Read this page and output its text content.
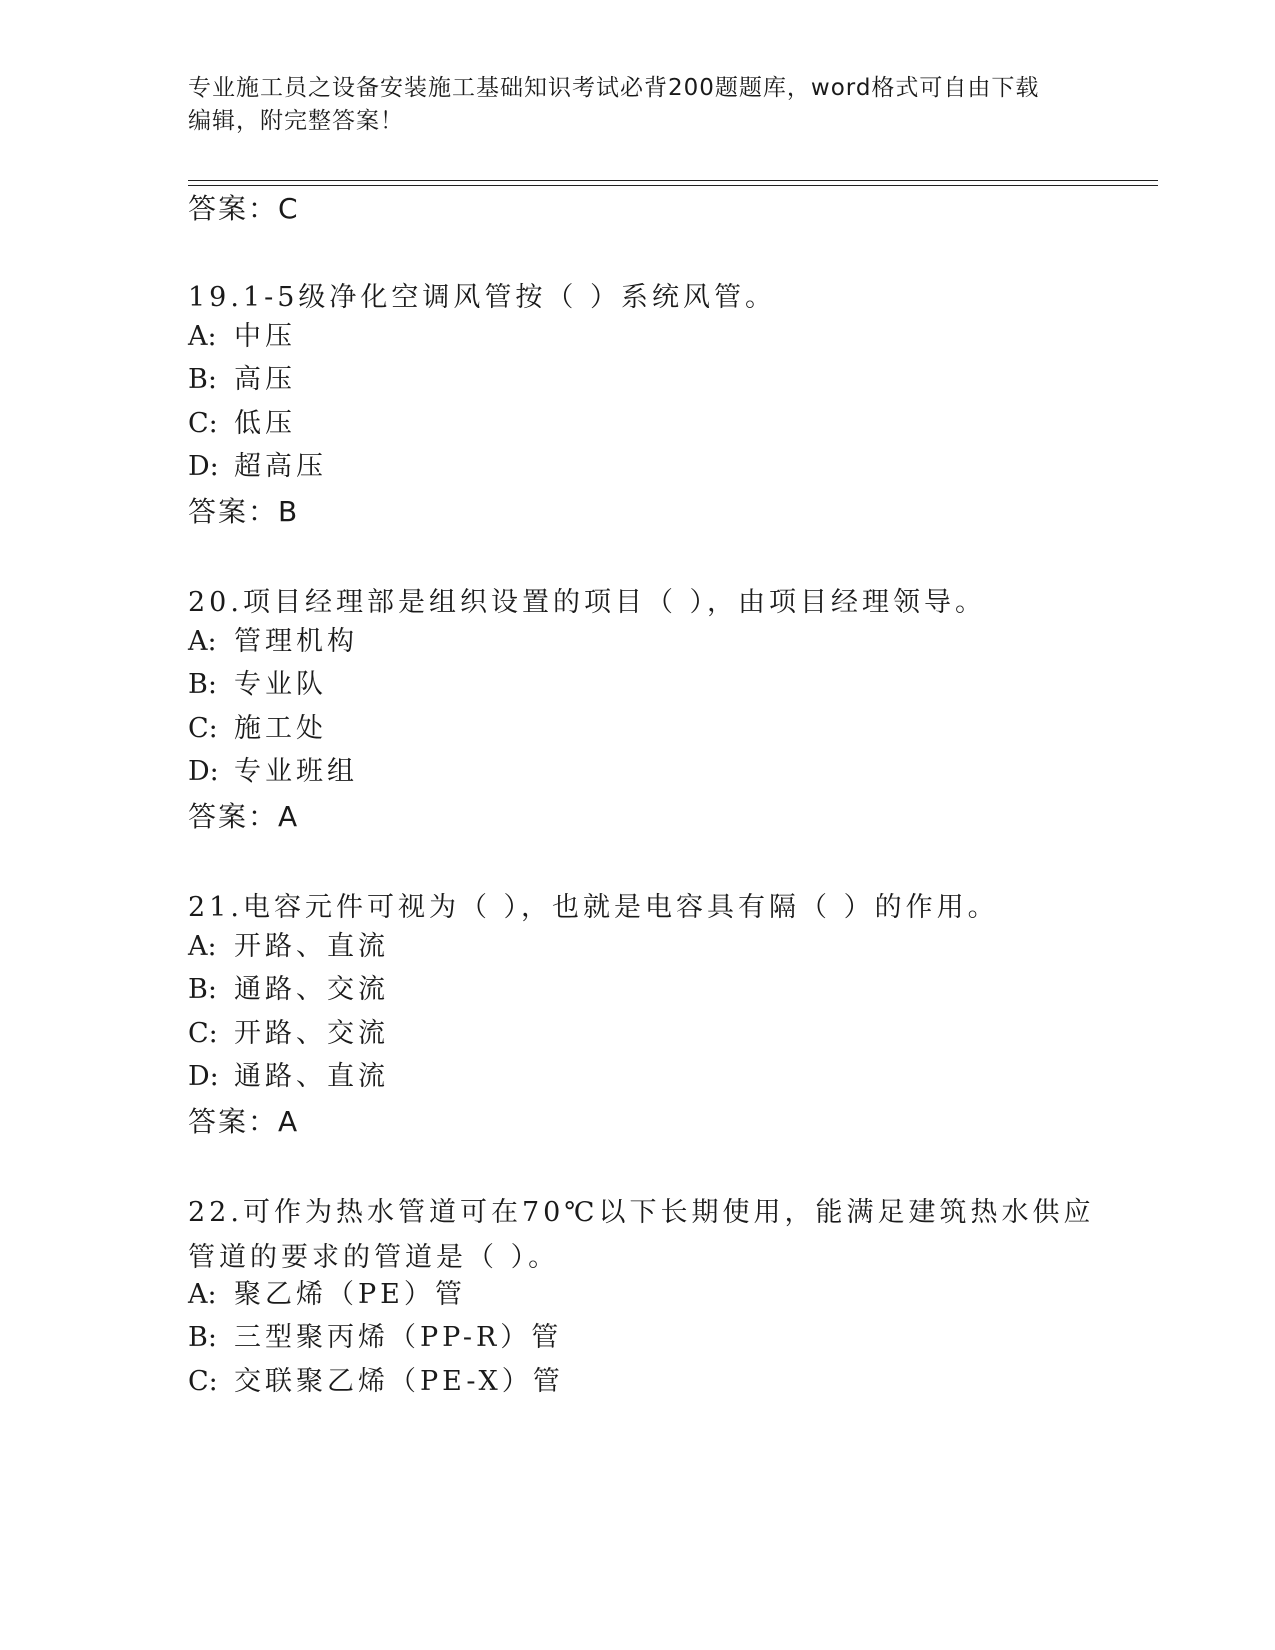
专业施工员之设备安装施工基础知识考试必背200题题库，word格式可自由下载
编辑，附完整答案！
答案：C
19.1-5级净化空调风管按（ ）系统风管。
A: 中压
B: 高压
C: 低压
D: 超高压
答案：B
20.项目经理部是组织设置的项目（ ），由项目经理领导。
A: 管理机构
B: 专业队
C: 施工处
D: 专业班组
答案：A
21.电容元件可视为（ ），也就是电容具有隔（ ）的作用。
A: 开路、直流
B: 通路、交流
C: 开路、交流
D: 通路、直流
答案：A
22.可作为热水管道可在70℃以下长期使用，能满足建筑热水供应管道的要求的管道是（ ）。
A: 聚乙烯（PE）管
B: 三型聚丙烯（PP-R）管
C: 交联聚乙烯（PE-X）管
